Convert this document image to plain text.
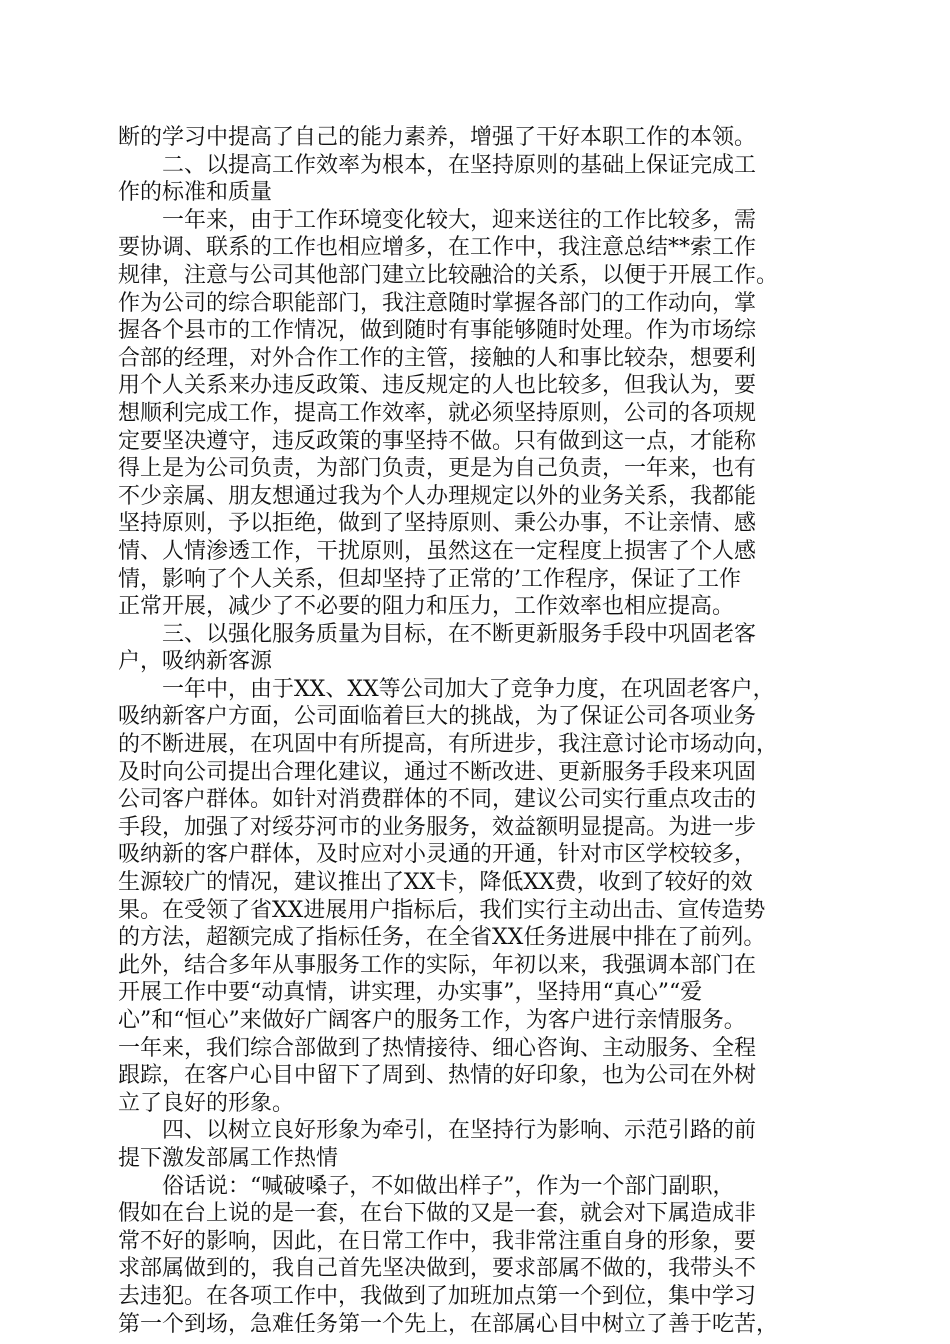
断的学习中提高了自己的能力素养，增强了干好本职工作的本领。
二、以提高工作效率为根本，在坚持原则的基础上保证完成工
作的标准和质量
一年来，由于工作环境变化较大，迎来送往的工作比较多，需
要协调、联系的工作也相应增多，在工作中，我注意总结**索工作
规律，注意与公司其他部门建立比较融洽的关系，以便于开展工作。
作为公司的综合职能部门，我注意随时掌握各部门的工作动向，掌
握各个县市的工作情况，做到随时有事能够随时处理。作为市场综
合部的经理，对外合作工作的主管，接触的人和事比较杂，想要利
用个人关系来办违反政策、违反规定的人也比较多，但我认为，要
想顺利完成工作，提高工作效率，就必须坚持原则，公司的各项规
定要坚决遵守，违反政策的事坚持不做。只有做到这一点，才能称
得上是为公司负责，为部门负责，更是为自己负责，一年来，也有
不少亲属、朋友想通过我为个人办理规定以外的业务关系，我都能
坚持原则，予以拒绝，做到了坚持原则、秉公办事，不让亲情、感
情、人情渗透工作，干扰原则，虽然这在一定程度上损害了个人感
情，影响了个人关系，但却坚持了正常的’工作程序，保证了工作
正常开展，减少了不必要的阻力和压力，工作效率也相应提高。
三、以强化服务质量为目标，在不断更新服务手段中巩固老客
户，吸纳新客源
一年中，由于XX、XX等公司加大了竞争力度，在巩固老客户，
吸纳新客户方面，公司面临着巨大的挑战，为了保证公司各项业务
的不断进展，在巩固中有所提高，有所进步，我注意讨论市场动向，
及时向公司提出合理化建议，通过不断改进、更新服务手段来巩固
公司客户群体。如针对消费群体的不同，建议公司实行重点攻击的
手段，加强了对绥芬河市的业务服务，效益额明显提高。为进一步
吸纳新的客户群体，及时应对小灵通的开通，针对市区学校较多，
生源较广的情况，建议推出了XX卡，降低XX费，收到了较好的效
果。在受领了省XX进展用户指标后，我们实行主动出击、宣传造势
的方法，超额完成了指标任务，在全省XX任务进展中排在了前列。
此外，结合多年从事服务工作的实际，年初以来，我强调本部门在
开展工作中要“动真情，讲实理，办实事”，坚持用“真心”“爱
心”和“恒心”来做好广阔客户的服务工作，为客户进行亲情服务。
一年来，我们综合部做到了热情接待、细心咨询、主动服务、全程
跟踪，在客户心目中留下了周到、热情的好印象，也为公司在外树
立了良好的形象。
四、以树立良好形象为牵引，在坚持行为影响、示范引路的前
提下激发部属工作热情
俗话说：“喊破嗓子，不如做出样子”，作为一个部门副职，
假如在台上说的是一套，在台下做的又是一套，就会对下属造成非
常不好的影响，因此，在日常工作中，我非常注重自身的形象，要
求部属做到的，我自己首先坚决做到，要求部属不做的，我带头不
去违犯。在各项工作中，我做到了加班加点第一个到位，集中学习
第一个到场，急难任务第一个先上，在部属心目中树立了善于吃苦，
